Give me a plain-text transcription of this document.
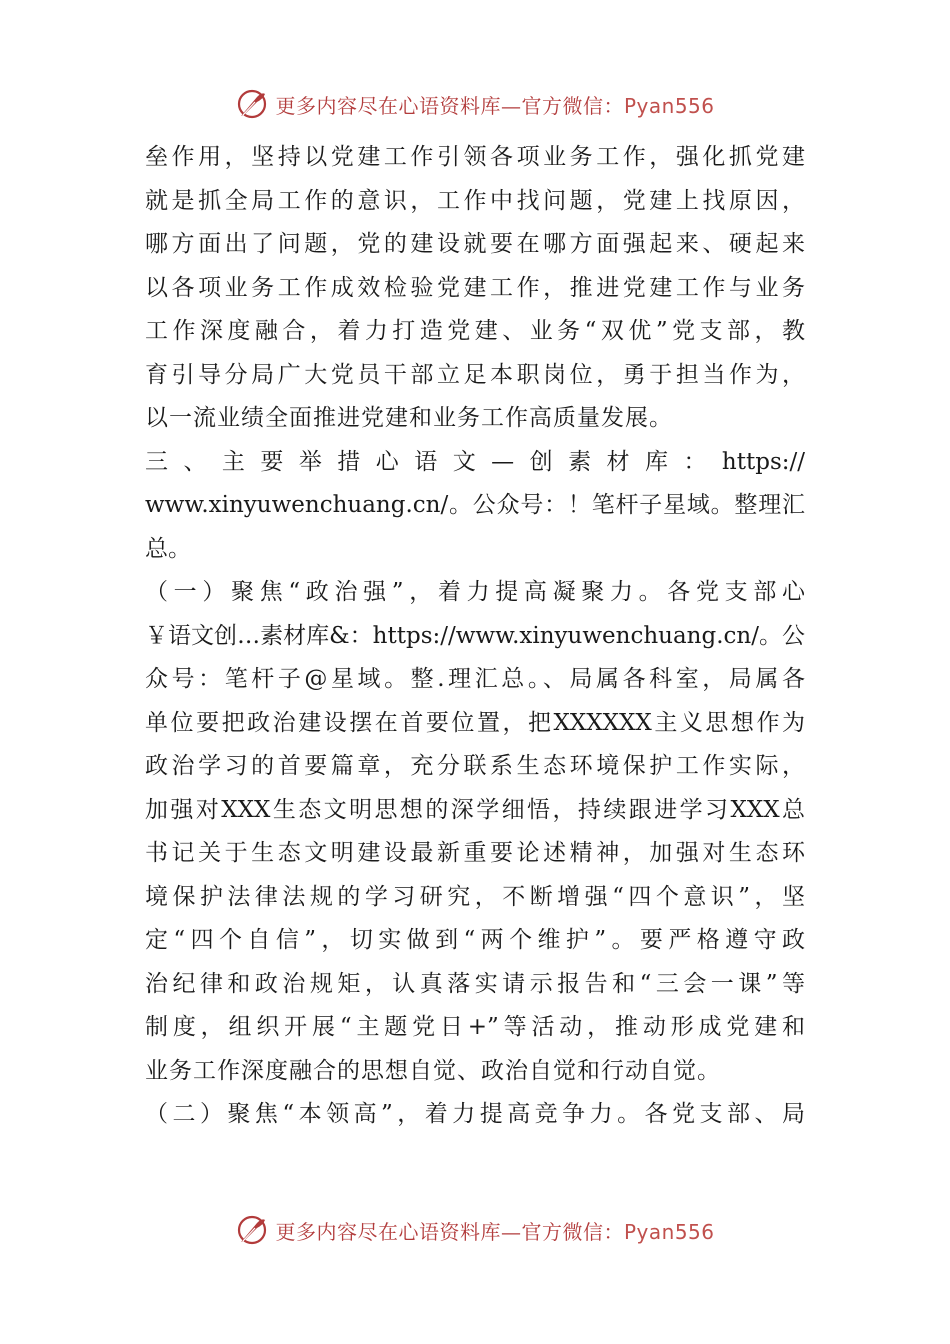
更多内容尽在心语资料库—官方微信：Pyan556
垒作用，坚持以党建工作引领各项业务工作，强化抓党建
就是抓全局工作的意识，工作中找问题，党建上找原因，
哪方面出了问题，党的建设就要在哪方面强起来、硬起来
以各项业务工作成效检验党建工作，推进党建工作与业务
工作深度融合，着力打造党建、业务“双优”党支部，教
育引导分局广大党员干部立足本职岗位，勇于担当作为，
以一流业绩全面推进党建和业务工作高质量发展。
三、主要举措心语文—创素材库：https://
www.xinyuwenchuang.cn/。公众号：！笔杆子星域。整理汇
总。
（一）聚焦“政治强”，着力提高凝聚力。各党支部心
￥语文创…素材库&：https://www.xinyuwenchuang.cn/。公
众号：笔杆子@星域。整.理汇总。、局属各科室，局属各
单位要把政治建设摆在首要位置，把XXXXXX主义思想作为
政治学习的首要篇章，充分联系生态环境保护工作实际，
加强对XXX生态文明思想的深学细悟，持续跟进学习XXX总
书记关于生态文明建设最新重要论述精神，加强对生态环
境保护法律法规的学习研究，不断增强“四个意识”，坚
定“四个自信”，切实做到“两个维护”。要严格遵守政
治纪律和政治规矩，认真落实请示报告和“三会一课”等
制度，组织开展“主题党日+”等活动，推动形成党建和
业务工作深度融合的思想自觉、政治自觉和行动自觉。
（二）聚焦“本领高”，着力提高竞争力。各党支部、局
更多内容尽在心语资料库—官方微信：Pyan556
